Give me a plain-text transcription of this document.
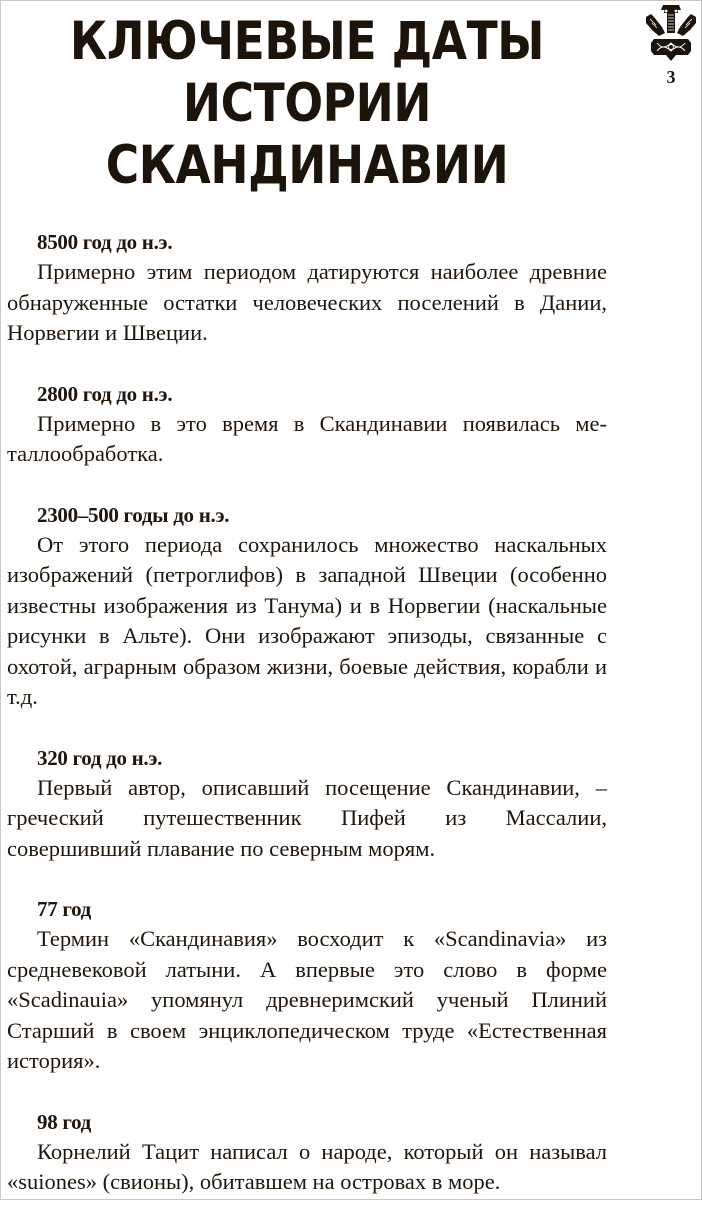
КЛЮЧЕВЫЕ ДАТЫ
ИСТОРИИ
СКАНДИНАВИИ
3
8500 год до н.э.
Примерно этим периодом датируются наиболее древние обнаруженные остатки человеческих поселений в Дании, Норвегии и Швеции.
2800 год до н.э.
Примерно в это время в Скандинавии появилась металлообработка.
2300–500 годы до н.э.
От этого периода сохранилось множество наскальных изображений (петроглифов) в западной Швеции (особенно известны изображения из Танума) и в Норвегии (наскальные рисунки в Альте). Они изображают эпизоды, связанные с охотой, аграрным образом жизни, боевые действия, корабли и т.д.
320 год до н.э.
Первый автор, описавший посещение Скандинавии, – греческий путешественник Пифей из Массалии, совершивший плавание по северным морям.
77 год
Термин «Скандинавия» восходит к «Scandinavia» из средневековой латыни. А впервые это слово в форме «Scadinauia» упомянул древнеримский ученый Плиний Старший в своем энциклопедическом труде «Естественная история».
98 год
Корнелий Тацит написал о народе, который он называл «suiones» (свионы), обитавшем на островах в море.
